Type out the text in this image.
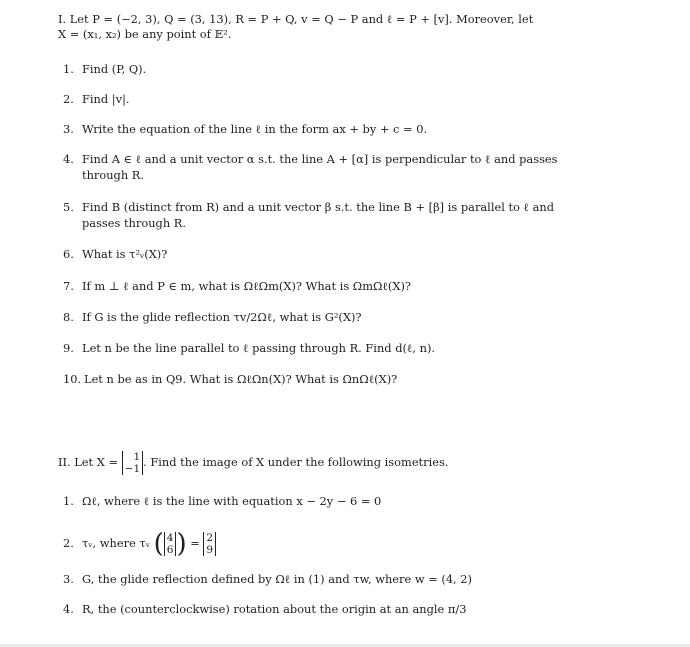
I. Let P = (−2, 3), Q = (3, 13), R = P + Q, v = Q − P and ℓ = P + [v]. Moreover, let
X = (x₁, x₂) be any point of 𝔼².
1. Find (P, Q).
2. Find |v|.
3. Write the equation of the line ℓ in the form ax + by + c = 0.
4. Find A ∈ ℓ and a unit vector α s.t. the line A + [α] is perpendicular to ℓ and passes
through R.
5. Find B (distinct from R) and a unit vector β s.t. the line B + [β] is parallel to ℓ and
passes through R.
6. What is τ²ᵥ(X)?
7. If m ⊥ ℓ and P ∈ m, what is ΩℓΩm(X)? What is ΩmΩℓ(X)?
8. If G is the glide reflection τv/2Ωℓ, what is G²(X)?
9. Let n be the line parallel to ℓ passing through R. Find d(ℓ, n).
10. Let n be as in Q9. What is ΩℓΩn(X)? What is ΩnΩℓ(X)?
II. Let X =	1
−1 . Find the image of X under the following isometries.
1. Ωℓ, where ℓ is the line with equation x − 2y − 6 = 0
2. τᵥ, where τᵥ ( 4
6 ) = 2
9
3. G, the glide reflection defined by Ωℓ in (1) and τw, where w = (4, 2)
4. R, the (counterclockwise) rotation about the origin at an angle π/3
